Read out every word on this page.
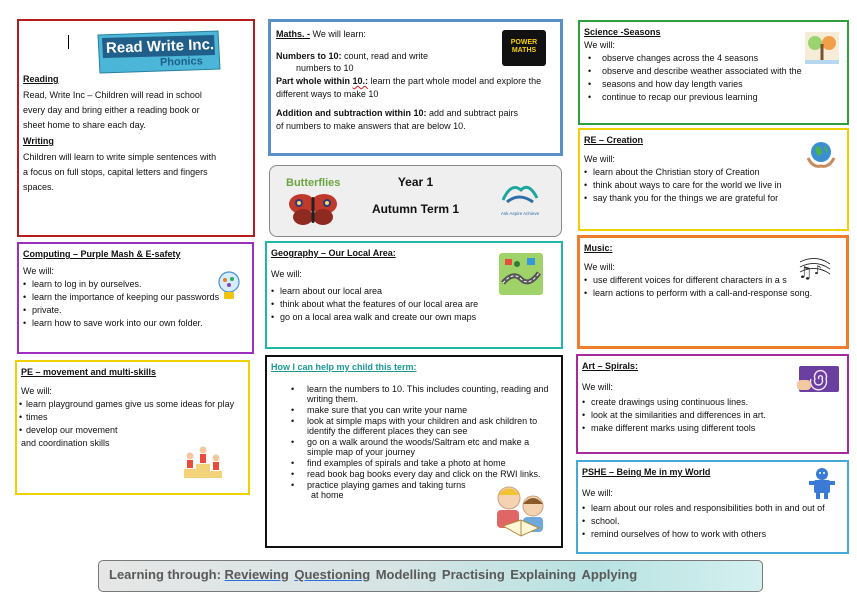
Read Write Inc.
Phonics
Reading
Read, Write Inc – Children will read in school
every day and bring either a reading book or
sheet home to share each day.
Writing
Children will learn to write simple sentences with
a focus on full stops, capital letters and fingers
spaces.
Maths. - We will learn:
POWER
MATHS
Numbers to 10: count, read and write
numbers to 10
Part whole within 10.: learn the part whole model and explore the
different ways to make 10
Addition and subtraction within 10: add and subtract pairs
of numbers to make answers that are below 10.
Butterflies	Year 1
Autumn Term 1	Ask Aspire Achieve
Science -Seasons
We will:
• observe changes across the 4 seasons
• observe and describe weather associated with the
• seasons and how day length varies
• continue to recap our previous learning
RE – Creation
We will:
• learn about the Christian story of Creation
• think about ways to care for the world we live in
• say thank you for the things we are grateful for
Computing – Purple Mash & E-safety
We will:
• learn to log in by ourselves.
• learn the importance of keeping our passwords
• private.
• learn how to save work into our own folder.
Geography – Our Local Area:
We will:
• learn about our local area
• think about what the features of our local area are
• go on a local area walk and create our own maps
Music:
We will:
• use different voices for different characters in a s
• learn actions to perform with a call-and-response song.
♫ ♪
PE – movement and multi-skills
We will:
• learn playground games give us some ideas for play
• times
• develop our movement
and coordination skills
How I can help my child this term:
• learn the numbers to 10. This includes counting, reading and writing them.
• make sure that you can write your name
• look at simple maps with your children and ask children to identify the different places they can see
• go on a walk around the woods/Saltram etc and make a simple map of your journey
• find examples of spirals and take a photo at home
• read book bag books every day and click on the RWI links.
• practice playing games and taking turns
at home
Art – Spirals:
We will:
• create drawings using continuous lines.
• look at the similarities and differences in art.
• make different marks using different tools
PSHE – Being Me in my World
We will:
• learn about our roles and responsibilities both in and out of
• school.
• remind ourselves of how to work with others
Learning through: Reviewing Questioning Modelling Practising Explaining Applying
